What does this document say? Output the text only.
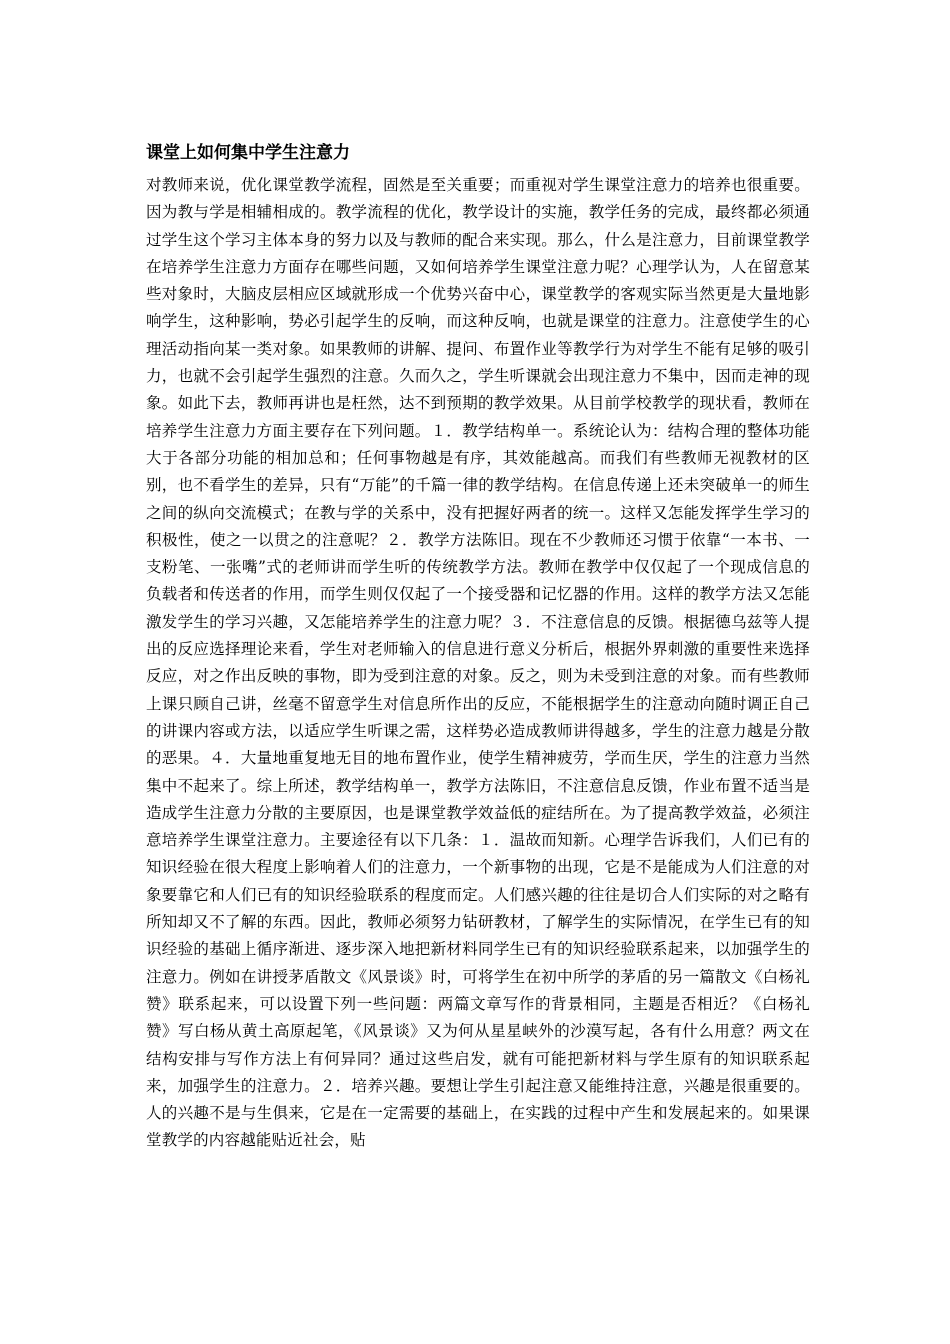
课堂上如何集中学生注意力

对教师来说，优化课堂教学流程，固然是至关重要；而重视对学生课堂注意力的培养也很重要。因为教与学是相辅相成的。教学流程的优化，教学设计的实施，教学任务的完成，最终都必须通过学生这个学习主体本身的努力以及与教师的配合来实现。那么，什么是注意力，目前课堂教学在培养学生注意力方面存在哪些问题，又如何培养学生课堂注意力呢？心理学认为，人在留意某些对象时，大脑皮层相应区域就形成一个优势兴奋中心，课堂教学的客观实际当然更是大量地影响学生，这种影响，势必引起学生的反响，而这种反响，也就是课堂的注意力。注意使学生的心理活动指向某一类对象。如果教师的讲解、提问、布置作业等教学行为对学生不能有足够的吸引力，也就不会引起学生强烈的注意。久而久之，学生听课就会出现注意力不集中，因而走神的现象。如此下去，教师再讲也是枉然，达不到预期的教学效果。从目前学校教学的现状看，教师在培养学生注意力方面主要存在下列问题。１．教学结构单一。系统论认为：结构合理的整体功能大于各部分功能的相加总和；任何事物越是有序，其效能越高。而我们有些教师无视教材的区别，也不看学生的差异，只有“万能”的千篇一律的教学结构。在信息传递上还未突破单一的师生之间的纵向交流模式；在教与学的关系中，没有把握好两者的统一。这样又怎能发挥学生学习的积极性，使之一以贯之的注意呢？２．教学方法陈旧。现在不少教师还习惯于依靠“一本书、一支粉笔、一张嘴”式的老师讲而学生听的传统教学方法。教师在教学中仅仅起了一个现成信息的负载者和传送者的作用，而学生则仅仅起了一个接受器和记忆器的作用。这样的教学方法又怎能激发学生的学习兴趣，又怎能培养学生的注意力呢？３．不注意信息的反馈。根据德乌兹等人提出的反应选择理论来看，学生对老师输入的信息进行意义分析后，根据外界刺激的重要性来选择反应，对之作出反映的事物，即为受到注意的对象。反之，则为未受到注意的对象。而有些教师上课只顾自己讲，丝毫不留意学生对信息所作出的反应，不能根据学生的注意动向随时调正自己的讲课内容或方法，以适应学生听课之需，这样势必造成教师讲得越多，学生的注意力越是分散的恶果。４．大量地重复地无目的地布置作业，使学生精神疲劳，学而生厌，学生的注意力当然集中不起来了。综上所述，教学结构单一，教学方法陈旧，不注意信息反馈，作业布置不适当是造成学生注意力分散的主要原因，也是课堂教学效益低的症结所在。为了提高教学效益，必须注意培养学生课堂注意力。主要途径有以下几条：１．温故而知新。心理学告诉我们，人们已有的知识经验在很大程度上影响着人们的注意力，一个新事物的出现，它是不是能成为人们注意的对象要靠它和人们已有的知识经验联系的程度而定。人们感兴趣的往往是切合人们实际的对之略有所知却又不了解的东西。因此，教师必须努力钻研教材，了解学生的实际情况，在学生已有的知识经验的基础上循序渐进、逐步深入地把新材料同学生已有的知识经验联系起来，以加强学生的注意力。例如在讲授茅盾散文《风景谈》时，可将学生在初中所学的茅盾的另一篇散文《白杨礼赞》联系起来，可以设置下列一些问题：两篇文章写作的背景相同，主题是否相近？《白杨礼赞》写白杨从黄土高原起笔，《风景谈》又为何从星星峡外的沙漠写起，各有什么用意？两文在结构安排与写作方法上有何异同？通过这些启发，就有可能把新材料与学生原有的知识联系起来，加强学生的注意力。２．培养兴趣。要想让学生引起注意又能维持注意，兴趣是很重要的。人的兴趣不是与生俱来，它是在一定需要的基础上，在实践的过程中产生和发展起来的。如果课堂教学的内容越能贴近社会，贴
